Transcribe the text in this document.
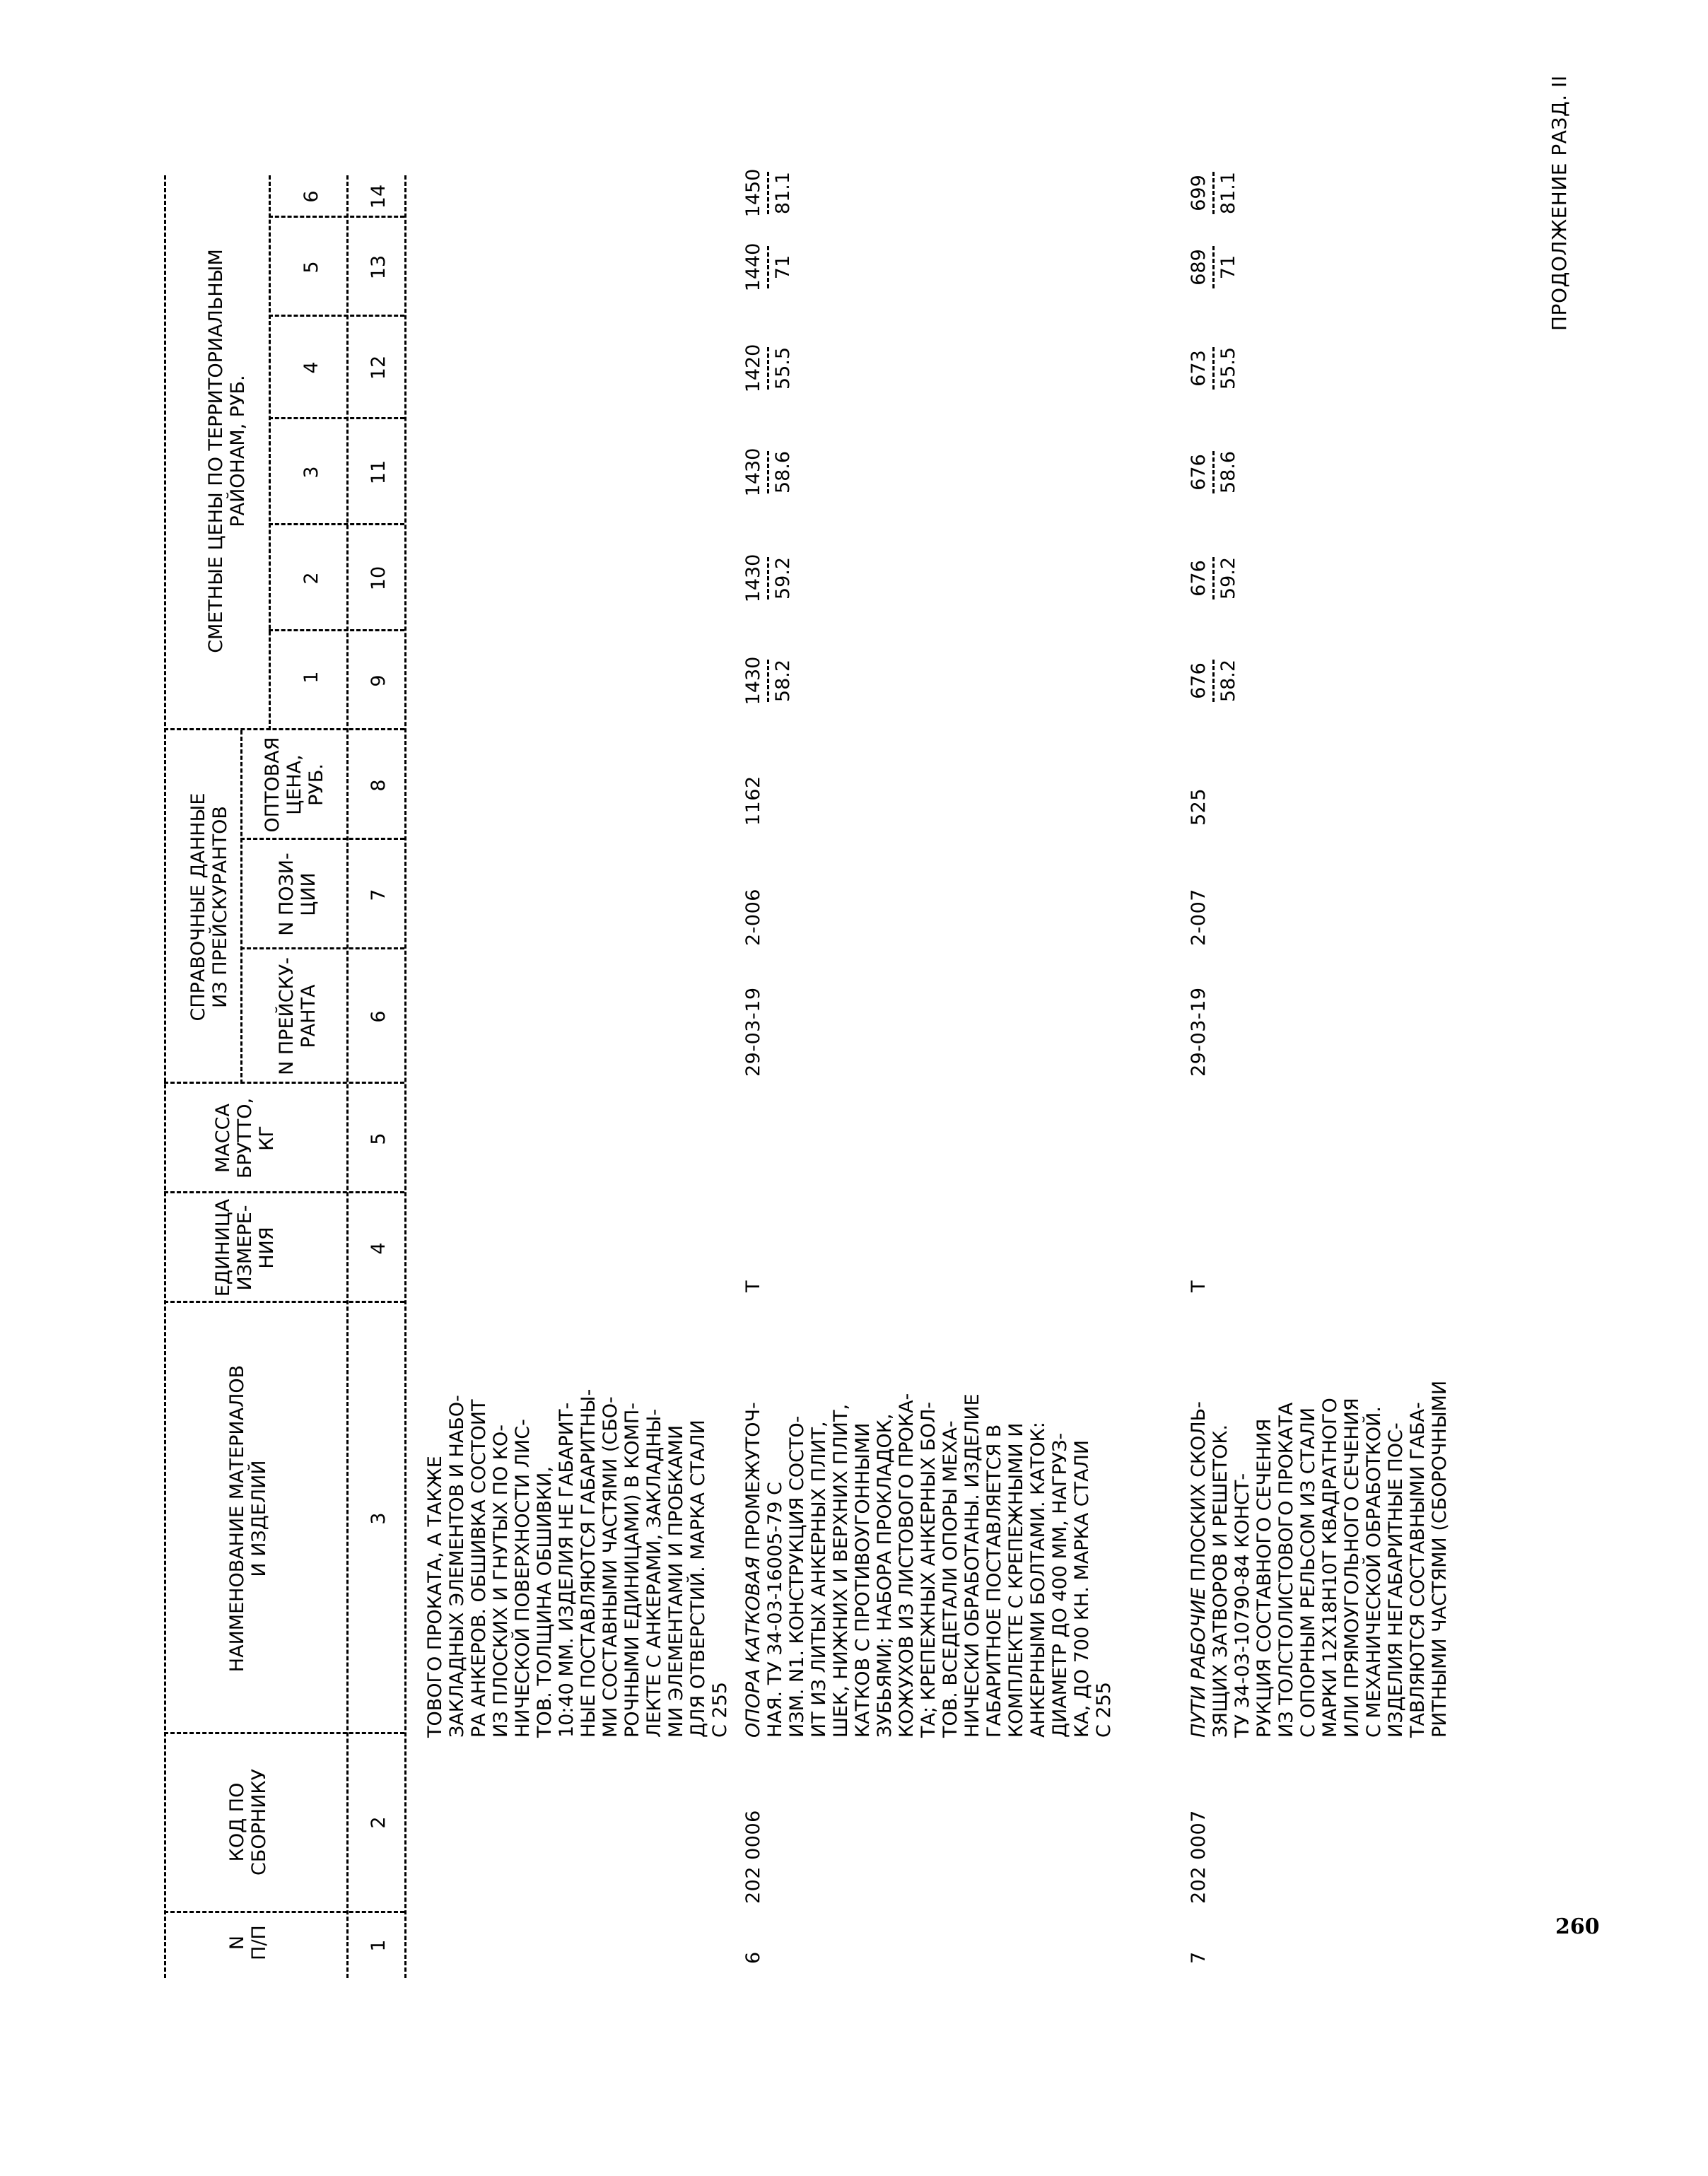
260
ПРОДОЛЖЕНИЕ РАЗД. II
N
П/П
КОД ПО
СБОРНИКУ
НАИМЕНОВАНИЕ МАТЕРИАЛОВ
И ИЗДЕЛИЙ
ЕДИНИЦА
ИЗМЕРЕ-
НИЯ
МАССА
БРУТТО,
КГ
СПРАВОЧНЫЕ ДАННЫЕ
ИЗ ПРЕЙСКУРАНТОВ
N ПРЕЙСКУ-
РАНТА
N ПОЗИ-
ЦИИ
ОПТОВАЯ
ЦЕНА,
РУБ.
СМЕТНЫЕ ЦЕНЫ ПО ТЕРРИТОРИАЛЬНЫМ
РАЙОНАМ, РУБ.
1
2
3
4
5
6
1
2
3
4
5
6
7
8
9
10
11
12
13
14
ТОВОГО ПРОКАТА, А ТАКЖЕ ЗАКЛАДНЫХ ЭЛЕМЕНТОВ И НАБО- РА АНКЕРОВ. ОБШИВКА СОСТОИТ ИЗ ПЛОСКИХ И ГНУТЫХ ПО КО- НИЧЕСКОЙ ПОВЕРХНОСТИ ЛИС- ТОВ. ТОЛЩИНА ОБШИВКИ, 10:40 ММ. ИЗДЕЛИЯ НЕ ГАБАРИТ- НЫЕ ПОСТАВЛЯЮТСЯ ГАБАРИТНЫ- МИ СОСТАВНЫМИ ЧАСТЯМИ (СБО- РОЧНЫМИ ЕДИНИЦАМИ) В КОМП- ЛЕКТЕ С АНКЕРАМИ, ЗАКЛАДНЫ- МИ ЭЛЕМЕНТАМИ И ПРОБКАМИ ДЛЯ ОТВЕРСТИЙ. МАРКА СТАЛИ С 255
6
202 0006
ОПОРА КАТКОВАЯ ПРОМЕЖУТОЧ-
НАЯ. ТУ 34-03-16005-79 С ИЗМ. N1. КОНСТРУКЦИЯ СОСТО- ИТ ИЗ ЛИТЫХ АНКЕРНЫХ ПЛИТ, ШЕК, НИЖНИХ И ВЕРХНИХ ПЛИТ, КАТКОВ С ПРОТИВОУГОННЫМИ ЗУБЬЯМИ; НАБОРА ПРОКЛАДОК, КОЖУХОВ ИЗ ЛИСТОВОГО ПРОКА- ТА; КРЕПЕЖНЫХ АНКЕРНЫХ БОЛ- ТОВ. ВСЕДЕТАЛИ ОПОРЫ МЕХА- НИЧЕСКИ ОБРАБОТАНЫ. ИЗДЕЛИЕ ГАБАРИТНОЕ ПОСТАВЛЯЕТСЯ В КОМПЛЕКТЕ С КРЕПЕЖНЫМИ И АНКЕРНЫМИ БОЛТАМИ. КАТОК: ДИАМЕТР ДО 400 ММ, НАГРУЗ- КА, ДО 700 КН. МАРКА СТАЛИ С 255
Т
29-03-19
2-006
1162
1430 58.2
1430 59.2
1430 58.6
1420 55.5
1440 71
1450 81.1
7
202 0007
ПУТИ РАБОЧИЕ ПЛОСКИХ СКОЛЬ- ЗЯЩИХ ЗАТВОРОВ И РЕШЕТОК. ТУ 34-03-10790-84 КОНСТ- РУКЦИЯ СОСТАВНОГО СЕЧЕНИЯ ИЗ ТОЛСТОЛИСТОВОГО ПРОКАТА С ОПОРНЫМ РЕЛЬСОМ ИЗ СТАЛИ МАРКИ 12Х18Н10Т КВАДРАТНОГО ИЛИ ПРЯМОУГОЛЬНОГО СЕЧЕНИЯ С МЕХАНИЧЕСКОЙ ОБРАБОТКОЙ. ИЗДЕЛИЯ НЕГАБАРИТНЫЕ ПОС- ТАВЛЯЮТСЯ СОСТАВНЫМИ ГАБА- РИТНЫМИ ЧАСТЯМИ (СБОРОЧНЫМИ
Т
29-03-19
2-007
525
676 58.2
676 59.2
676 58.6
673 55.5
689 71
699 81.1
